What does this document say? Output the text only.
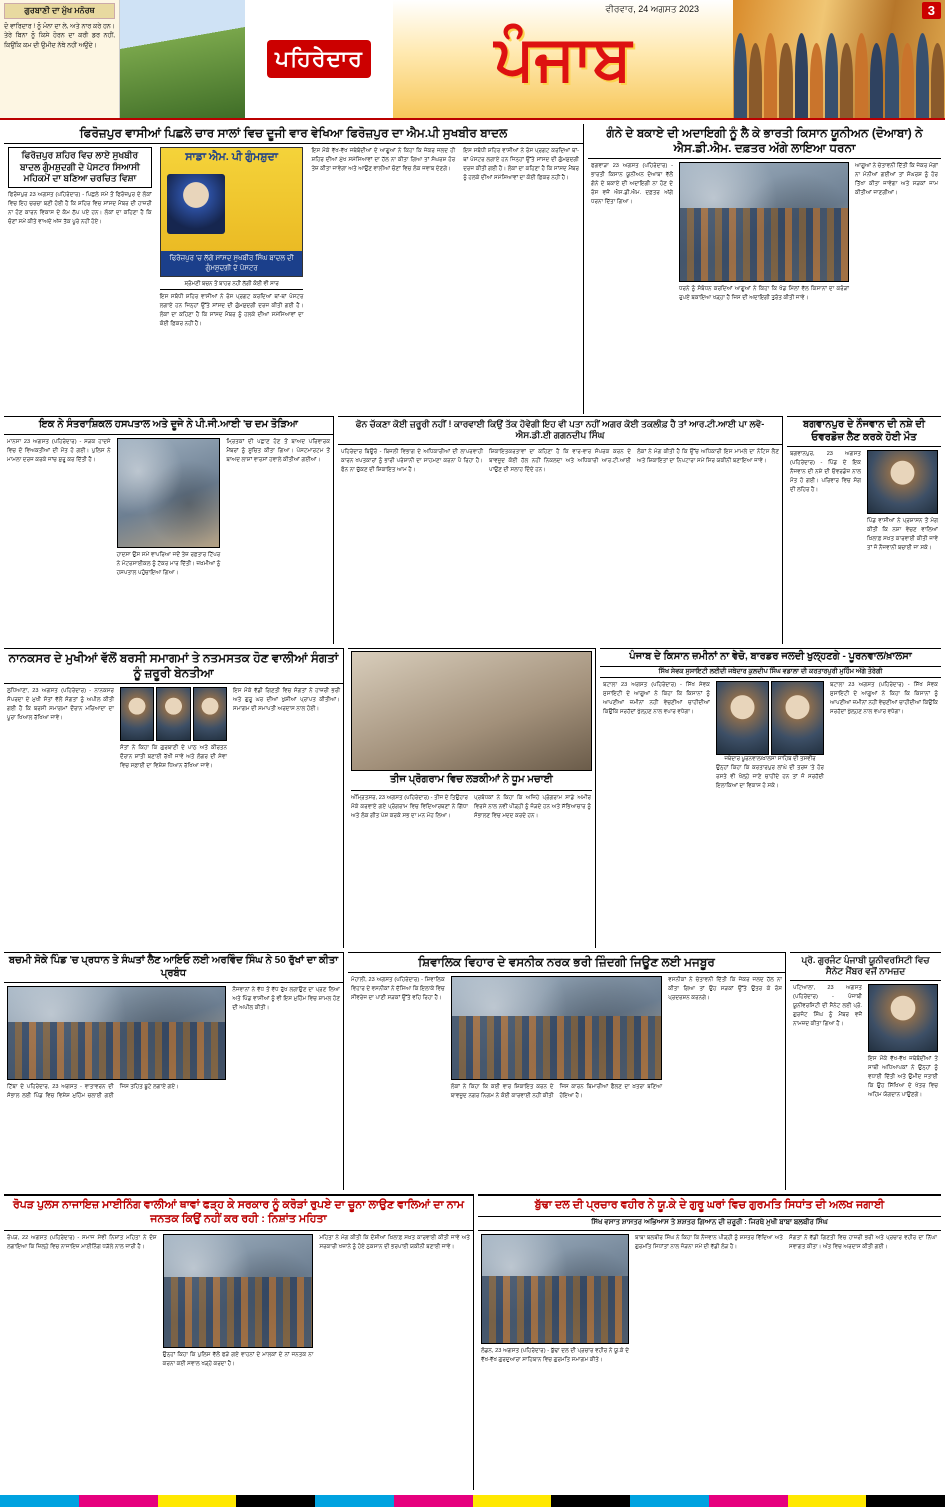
ਗੁਰਬਾਣੀ ਦਾ ਮੁੱਖ ਮਨੋਰਥ

ਦੋ ਵਾਰਿਦਾਰ ! ਨੂੰ ਮੰਨਾ ਦਾ ਲੇ, ਅਤੇ ਨਾਰ ਕਰੇ ਹਨ। ਤੇਰੇ ਬਿਨਾ ਨੂੰ ਕਿਸੇ ਹੋਰਨ ਦਾ ਕਰੀ ਡਰ ਨਹੀਂ, ਕਿਉਂਕਿ ਕਮ ਦੀ ਉਮੀਦ ਨੱਥੇ ਨਹੀਂ ਅਉਂਦੇ।

ਪਹਿਰੇਦਾਰ ਪੰਜਾਬ
ਵੀਰਵਾਰ, 24 ਅਗਸਤ 2023	3
ਫਿਰੋਜ਼ਪੁਰ ਵਾਸੀਆਂ ਪਿਛਲੇ ਚਾਰ ਸਾਲਾਂ ਵਿਚ ਦੂਜੀ ਵਾਰ ਵੇਖਿਆ ਫਿਰੋਜ਼ਪੁਰ ਦਾ ਐਮ.ਪੀ ਸੁਖਬੀਰ ਬਾਦਲ
ਫਿਰੋਜ਼ਪੁਰ ਸ਼ਹਿਰ ਵਿਚ ਲਾਏ ਸੁਖਬੀਰ ਬਾਦਲ ਗੁੰਮਸ਼ੁਦਗੀ ਦੇ ਪੋਸਟਰ ਸਿਆਸੀ ਮਹਿਕਮੇਂ ਦਾ ਬਣਿਆ ਚਰਚਿਤ ਵਿਸ਼ਾ
ਫਿਰੋਜ਼ਪੁਰ 23 ਅਗਸਤ (ਪਹਿਰੇਦਾਰ) - ਪਿਛਲੇ ਸਮੇਂ ਤੋਂ ਫਿਰੋਜ਼ਪੁਰ ਦੇ ਲੋਕਾਂ ਵਿਚ ਇਹ ਚਰਚਾ ਬਣੀ ਹੋਈ ਹੈ ਕਿ ਸ਼ਹਿਰ ਵਿਚ ਸਾਂਸਦ ਮੈਂਬਰ ਦੀ ਹਾਜ਼ਰੀ ਨਾ ਹੋਣ ਕਾਰਨ ਵਿਕਾਸ ਦੇ ਕੰਮ ਠੱਪ ਪਏ ਹਨ। ਲੋਕਾਂ ਦਾ ਕਹਿਣਾ ਹੈ ਕਿ ਚੋਣਾਂ ਸਮੇਂ ਕੀਤੇ ਵਾਅਦੇ ਅੱਜ ਤੱਕ ਪੂਰੇ ਨਹੀਂ ਹੋਏ।
ਸਾਡਾ ਐਮ. ਪੀ ਗੁੰਮਸ਼ੁਦਾ
ਫਿਰੋਜ਼ਪੁਰ 'ਚ ਲੱਗੇ ਸਾਂਸਦ ਸੁਖਬੀਰ ਸਿੰਘ ਬਾਦਲ ਦੀ ਗੁੰਮਸ਼ੁਦਗੀ ਦੇ ਪੋਸਟਰ
ਸ਼੍ਰੋਮਣੀ ਬਚਨ ਤੋਂ ਬਾਹਰ ਨਹੀਂ ਲੱਗੀ ਕੋਈ ਵੀ ਸਾਰ
ਇਸ ਸਬੰਧੀ ਸ਼ਹਿਰ ਵਾਸੀਆਂ ਨੇ ਰੋਸ ਪ੍ਰਗਟ ਕਰਦਿਆਂ ਥਾਂ-ਥਾਂ ਪੋਸਟਰ ਲਗਾਏ ਹਨ ਜਿਨ੍ਹਾਂ ਉੱਤੇ ਸਾਂਸਦ ਦੀ ਗੁੰਮਸ਼ੁਦਗੀ ਦਰਜ ਕੀਤੀ ਗਈ ਹੈ। ਲੋਕਾਂ ਦਾ ਕਹਿਣਾ ਹੈ ਕਿ ਸਾਂਸਦ ਮੈਂਬਰ ਨੂੰ ਹਲਕੇ ਦੀਆਂ ਸਮੱਸਿਆਵਾਂ ਦਾ ਕੋਈ ਫ਼ਿਕਰ ਨਹੀਂ ਹੈ।
ਇਸ ਮੌਕੇ ਵੱਖ-ਵੱਖ ਜਥੇਬੰਦੀਆਂ ਦੇ ਆਗੂਆਂ ਨੇ ਕਿਹਾ ਕਿ ਜੇਕਰ ਜਲਦ ਹੀ ਸ਼ਹਿਰ ਦੀਆਂ ਮੁੱਖ ਸਮੱਸਿਆਵਾਂ ਦਾ ਹੱਲ ਨਾ ਕੀਤਾ ਗਿਆ ਤਾਂ ਸੰਘਰਸ਼ ਹੋਰ ਤੇਜ਼ ਕੀਤਾ ਜਾਵੇਗਾ ਅਤੇ ਆਉਣ ਵਾਲੀਆਂ ਚੋਣਾਂ ਵਿਚ ਲੋਕ ਜਵਾਬ ਦੇਣਗੇ।
ਇਸ ਸਬੰਧੀ ਸ਼ਹਿਰ ਵਾਸੀਆਂ ਨੇ ਰੋਸ ਪ੍ਰਗਟ ਕਰਦਿਆਂ ਥਾਂ-ਥਾਂ ਪੋਸਟਰ ਲਗਾਏ ਹਨ ਜਿਨ੍ਹਾਂ ਉੱਤੇ ਸਾਂਸਦ ਦੀ ਗੁੰਮਸ਼ੁਦਗੀ ਦਰਜ ਕੀਤੀ ਗਈ ਹੈ। ਲੋਕਾਂ ਦਾ ਕਹਿਣਾ ਹੈ ਕਿ ਸਾਂਸਦ ਮੈਂਬਰ ਨੂੰ ਹਲਕੇ ਦੀਆਂ ਸਮੱਸਿਆਵਾਂ ਦਾ ਕੋਈ ਫ਼ਿਕਰ ਨਹੀਂ ਹੈ।
ਗੰਨੇ ਦੇ ਬਕਾਏ ਦੀ ਅਦਾਇਗੀ ਨੂੰ ਲੈ ਕੇ ਭਾਰਤੀ ਕਿਸਾਨ ਯੂਨੀਅਨ (ਦੋਆਬਾ) ਨੇ ਐਸ.ਡੀ.ਐਮ. ਦਫ਼ਤਰ ਅੱਗੇ ਲਾਇਆ ਧਰਨਾ
ਫਗਵਾੜਾ 23 ਅਗਸਤ (ਪਹਿਰੇਦਾਰ) - ਭਾਰਤੀ ਕਿਸਾਨ ਯੂਨੀਅਨ ਦੋਆਬਾ ਵੱਲੋਂ ਗੰਨੇ ਦੇ ਬਕਾਏ ਦੀ ਅਦਾਇਗੀ ਨਾ ਹੋਣ ਦੇ ਰੋਸ ਵਜੋਂ ਐਸ.ਡੀ.ਐਮ. ਦਫ਼ਤਰ ਅੱਗੇ ਧਰਨਾ ਦਿੱਤਾ ਗਿਆ।
ਧਰਨੇ ਨੂੰ ਸੰਬੋਧਨ ਕਰਦਿਆਂ ਆਗੂਆਂ ਨੇ ਕਿਹਾ ਕਿ ਖੰਡ ਮਿੱਲਾਂ ਵੱਲ ਕਿਸਾਨਾਂ ਦਾ ਕਰੋੜਾਂ ਰੁਪਏ ਬਕਾਇਆ ਖੜ੍ਹਾ ਹੈ ਜਿਸ ਦੀ ਅਦਾਇਗੀ ਤੁਰੰਤ ਕੀਤੀ ਜਾਵੇ।
ਆਗੂਆਂ ਨੇ ਚੇਤਾਵਨੀ ਦਿੱਤੀ ਕਿ ਜੇਕਰ ਮੰਗਾਂ ਨਾ ਮੰਨੀਆਂ ਗਈਆਂ ਤਾਂ ਸੰਘਰਸ਼ ਨੂੰ ਹੋਰ ਤਿੱਖਾ ਕੀਤਾ ਜਾਵੇਗਾ ਅਤੇ ਸੜਕਾਂ ਜਾਮ ਕੀਤੀਆਂ ਜਾਣਗੀਆਂ।
ਇਕ ਨੇ ਸੰਤਰਾਸ਼ਿਕਲ ਹਸਪਤਾਲ ਅਤੇ ਦੂਜੇ ਨੇ ਪੀ.ਜੀ.ਆਈ 'ਚ ਦਮ ਤੋੜਿਆ
ਮਾਨਸਾ 23 ਅਗਸਤ (ਪਹਿਰੇਦਾਰ) - ਸੜਕ ਹਾਦਸੇ ਵਿਚ ਦੋ ਵਿਅਕਤੀਆਂ ਦੀ ਮੌਤ ਹੋ ਗਈ। ਪੁਲਿਸ ਨੇ ਮਾਮਲਾ ਦਰਜ ਕਰਕੇ ਜਾਂਚ ਸ਼ੁਰੂ ਕਰ ਦਿੱਤੀ ਹੈ।
ਹਾਦਸਾ ਉਸ ਸਮੇਂ ਵਾਪਰਿਆ ਜਦੋਂ ਤੇਜ਼ ਰਫ਼ਤਾਰ ਟਿੱਪਰ ਨੇ ਮੋਟਰਸਾਈਕਲ ਨੂੰ ਟੱਕਰ ਮਾਰ ਦਿੱਤੀ। ਜ਼ਖ਼ਮੀਆਂ ਨੂੰ ਹਸਪਤਾਲ ਪਹੁੰਚਾਇਆ ਗਿਆ।
ਮ੍ਰਿਤਕਾਂ ਦੀ ਪਛਾਣ ਹੋਣ ਤੋਂ ਬਾਅਦ ਪਰਿਵਾਰਕ ਮੈਂਬਰਾਂ ਨੂੰ ਸੂਚਿਤ ਕੀਤਾ ਗਿਆ। ਪੋਸਟਮਾਰਟਮ ਤੋਂ ਬਾਅਦ ਲਾਸ਼ਾਂ ਵਾਰਸਾਂ ਹਵਾਲੇ ਕੀਤੀਆਂ ਗਈਆਂ।
ਫੋਨ ਚੱਕਣਾ ਕੋਈ ਜ਼ਰੂਰੀ ਨਹੀਂ ! ਕਾਰਵਾਈ ਕਿਉਂ ਤੱਕ ਹੋਵੇਗੀ ਇਹ ਵੀ ਪਤਾ ਨਹੀਂ ਅਗਰ ਕੋਈ ਤਕਲੀਫ਼ ਹੈ ਤਾਂ ਆਰ.ਟੀ.ਆਈ ਪਾ ਲਵੋ-ਐਸ.ਡੀ.ਈ ਗਗਨਦੀਪ ਸਿੰਘ
ਪਹਿਰੇਦਾਰ ਬਿਊਰੋ - ਬਿਜਲੀ ਵਿਭਾਗ ਦੇ ਅਧਿਕਾਰੀਆਂ ਦੀ ਲਾਪਰਵਾਹੀ ਕਾਰਨ ਖਪਤਕਾਰਾਂ ਨੂੰ ਭਾਰੀ ਪਰੇਸ਼ਾਨੀ ਦਾ ਸਾਹਮਣਾ ਕਰਨਾ ਪੈ ਰਿਹਾ ਹੈ। ਫੋਨ ਨਾ ਚੁੱਕਣ ਦੀ ਸ਼ਿਕਾਇਤ ਆਮ ਹੈ।
ਸ਼ਿਕਾਇਤਕਰਤਾਵਾਂ ਦਾ ਕਹਿਣਾ ਹੈ ਕਿ ਵਾਰ-ਵਾਰ ਸੰਪਰਕ ਕਰਨ ਦੇ ਬਾਵਜੂਦ ਕੋਈ ਹੱਲ ਨਹੀਂ ਨਿਕਲਦਾ ਅਤੇ ਅਧਿਕਾਰੀ ਆਰ.ਟੀ.ਆਈ ਪਾਉਣ ਦੀ ਸਲਾਹ ਦਿੰਦੇ ਹਨ।
ਲੋਕਾਂ ਨੇ ਮੰਗ ਕੀਤੀ ਹੈ ਕਿ ਉੱਚ ਅਧਿਕਾਰੀ ਇਸ ਮਾਮਲੇ ਦਾ ਨੋਟਿਸ ਲੈਣ ਅਤੇ ਸ਼ਿਕਾਇਤਾਂ ਦਾ ਨਿਪਟਾਰਾ ਸਮੇਂ ਸਿਰ ਯਕੀਨੀ ਬਣਾਇਆ ਜਾਵੇ।
ਬਗਵਾਨਪੁਰ ਦੇ ਨੌਜਵਾਨ ਦੀ ਨਸ਼ੇ ਦੀ ਓਵਰਡੋਜ਼ ਲੈਣ ਕਰਕੇ ਹੋਈ ਮੌਤ
ਬਗਵਾਨਪੁਰ, 23 ਅਗਸਤ (ਪਹਿਰੇਦਾਰ) - ਪਿੰਡ ਦੇ ਇਕ ਨੌਜਵਾਨ ਦੀ ਨਸ਼ੇ ਦੀ ਓਵਰਡੋਜ਼ ਨਾਲ ਮੌਤ ਹੋ ਗਈ। ਪਰਿਵਾਰ ਵਿਚ ਸੋਗ ਦੀ ਲਹਿਰ ਹੈ।
ਪਿੰਡ ਵਾਸੀਆਂ ਨੇ ਪ੍ਰਸ਼ਾਸਨ ਤੋਂ ਮੰਗ ਕੀਤੀ ਕਿ ਨਸ਼ਾ ਵੇਚਣ ਵਾਲਿਆਂ ਖ਼ਿਲਾਫ਼ ਸਖ਼ਤ ਕਾਰਵਾਈ ਕੀਤੀ ਜਾਵੇ ਤਾਂ ਜੋ ਨੌਜਵਾਨੀ ਬਚਾਈ ਜਾ ਸਕੇ।
ਨਾਨਕਸਰ ਦੇ ਮੁਖੀਆਂ ਵੱਲੋਂ ਬਰਸੀ ਸਮਾਗਮਾਂ ਤੇ ਨਤਮਸਤਕ ਹੋਣ ਵਾਲੀਆਂ ਸੰਗਤਾਂ ਨੂੰ ਜ਼ਰੂਰੀ ਬੇਨਤੀਆ
ਲੁਧਿਆਣਾ, 23 ਅਗਸਤ (ਪਹਿਰੇਦਾਰ) - ਨਾਨਕਸਰ ਸੰਪਰਦਾ ਦੇ ਮੁਖੀ ਸੰਤਾਂ ਵੱਲੋਂ ਸੰਗਤਾਂ ਨੂੰ ਅਪੀਲ ਕੀਤੀ ਗਈ ਹੈ ਕਿ ਬਰਸੀ ਸਮਾਗਮਾਂ ਦੌਰਾਨ ਮਰਿਆਦਾ ਦਾ ਪੂਰਾ ਖਿਆਲ ਰੱਖਿਆ ਜਾਵੇ।
ਸੰਤਾਂ ਨੇ ਕਿਹਾ ਕਿ ਗੁਰਬਾਣੀ ਦੇ ਪਾਠ ਅਤੇ ਕੀਰਤਨ ਦੌਰਾਨ ਸ਼ਾਂਤੀ ਬਣਾਈ ਰੱਖੀ ਜਾਵੇ ਅਤੇ ਲੰਗਰ ਦੀ ਸੇਵਾ ਵਿਚ ਸਫ਼ਾਈ ਦਾ ਵਿਸ਼ੇਸ਼ ਧਿਆਨ ਰੱਖਿਆ ਜਾਵੇ।
ਇਸ ਮੌਕੇ ਵੱਡੀ ਗਿਣਤੀ ਵਿਚ ਸੰਗਤਾਂ ਨੇ ਹਾਜ਼ਰੀ ਭਰੀ ਅਤੇ ਗੁਰੂ ਘਰ ਦੀਆਂ ਖੁਸ਼ੀਆਂ ਪ੍ਰਾਪਤ ਕੀਤੀਆਂ। ਸਮਾਗਮ ਦੀ ਸਮਾਪਤੀ ਅਰਦਾਸ ਨਾਲ ਹੋਈ।
ਤੀਜ ਪ੍ਰੋਗਰਾਮ ਵਿਚ ਲੜਕੀਆਂ ਨੇ ਧੂਮ ਮਚਾਈ
ਅੰਮ੍ਰਿਤਸਰ, 23 ਅਗਸਤ (ਪਹਿਰੇਦਾਰ) - ਤੀਜ ਦੇ ਤਿਉਹਾਰ ਮੌਕੇ ਕਰਵਾਏ ਗਏ ਪ੍ਰੋਗਰਾਮ ਵਿਚ ਵਿਦਿਆਰਥਣਾਂ ਨੇ ਗਿੱਧਾ ਅਤੇ ਲੋਕ ਗੀਤ ਪੇਸ਼ ਕਰਕੇ ਸਭ ਦਾ ਮਨ ਮੋਹ ਲਿਆ।
ਪ੍ਰਬੰਧਕਾਂ ਨੇ ਕਿਹਾ ਕਿ ਅਜਿਹੇ ਪ੍ਰੋਗਰਾਮ ਸਾਡੇ ਅਮੀਰ ਵਿਰਸੇ ਨਾਲ ਨਵੀਂ ਪੀੜ੍ਹੀ ਨੂੰ ਜੋੜਦੇ ਹਨ ਅਤੇ ਸੱਭਿਆਚਾਰ ਨੂੰ ਸੰਭਾਲਣ ਵਿਚ ਮਦਦ ਕਰਦੇ ਹਨ।
ਪੰਜਾਬ ਦੇ ਕਿਸਾਨ ਜ਼ਮੀਨਾਂ ਨਾ ਵੇਚੋ, ਬਾਰਡਰ ਜਲਦੀ ਖੁਲ੍ਹਣਗੇ - ਪੂਰਨਵਾਲ/ਖ਼ਾਲਸਾ
ਸਿੱਖ ਸੇਵਕ ਸੁਸਾਇਟੀ ਲਈਦੀ ਜਥੇਦਾਰ ਕੁਲਦੀਪ ਸਿੰਘ ਵਡਾਲਾ ਦੀ ਕਰਤਾਰਪੁਰੀ ਮੁਹਿੰਮ ਅੱਗੇ ਤੋਰੇਗੀ
ਬਟਾਲਾ 23 ਅਗਸਤ (ਪਹਿਰੇਦਾਰ) - ਸਿੱਖ ਸੇਵਕ ਸੁਸਾਇਟੀ ਦੇ ਆਗੂਆਂ ਨੇ ਕਿਹਾ ਕਿ ਕਿਸਾਨਾਂ ਨੂੰ ਆਪਣੀਆਂ ਜ਼ਮੀਨਾਂ ਨਹੀਂ ਵੇਚਣੀਆਂ ਚਾਹੀਦੀਆਂ ਕਿਉਂਕਿ ਸਰਹੱਦਾਂ ਖੁੱਲ੍ਹਣ ਨਾਲ ਵਪਾਰ ਵਧੇਗਾ।
ਜਥੇਦਾਰ ਪੂਰਨਵਾਲ/ਖ਼ਾਲਸਾ ਸਾਹਿਬ ਦੀ ਤਸਵੀਰ
ਉਨ੍ਹਾਂ ਕਿਹਾ ਕਿ ਕਰਤਾਰਪੁਰ ਲਾਂਘੇ ਦੀ ਤਰਜ਼ 'ਤੇ ਹੋਰ ਰਸਤੇ ਵੀ ਖੋਲ੍ਹੇ ਜਾਣੇ ਚਾਹੀਦੇ ਹਨ ਤਾਂ ਜੋ ਸਰਹੱਦੀ ਇਲਾਕਿਆਂ ਦਾ ਵਿਕਾਸ ਹੋ ਸਕੇ।
ਬਟਾਲਾ 23 ਅਗਸਤ (ਪਹਿਰੇਦਾਰ) - ਸਿੱਖ ਸੇਵਕ ਸੁਸਾਇਟੀ ਦੇ ਆਗੂਆਂ ਨੇ ਕਿਹਾ ਕਿ ਕਿਸਾਨਾਂ ਨੂੰ ਆਪਣੀਆਂ ਜ਼ਮੀਨਾਂ ਨਹੀਂ ਵੇਚਣੀਆਂ ਚਾਹੀਦੀਆਂ ਕਿਉਂਕਿ ਸਰਹੱਦਾਂ ਖੁੱਲ੍ਹਣ ਨਾਲ ਵਪਾਰ ਵਧੇਗਾ।
ਬਚਮੀ ਸੋਕੇ ਪਿੰਡ 'ਚ ਪ੍ਰਧਾਨ ਤੇ ਸੰਘਤਾਂ ਲੈਣ ਆਇਓ ਲਈ ਅਰਵਿੰਦ ਸਿੰਘ ਨੇ 50 ਰੁੱਖਾਂ ਦਾ ਕੀਤਾ ਪ੍ਰਬੰਧ
ਟਿੱਬਾ ਦੇ ਪਹਿਰੇਦਾਰ, 23 ਅਗਸਤ - ਵਾਤਾਵਰਨ ਦੀ ਸੰਭਾਲ ਲਈ ਪਿੰਡ ਵਿਚ ਵਿਸ਼ੇਸ਼ ਮੁਹਿੰਮ ਚਲਾਈ ਗਈ ਜਿਸ ਤਹਿਤ ਬੂਟੇ ਲਗਾਏ ਗਏ।
ਨੌਜਵਾਨਾਂ ਨੇ ਵੱਧ ਤੋਂ ਵੱਧ ਰੁੱਖ ਲਗਾਉਣ ਦਾ ਪ੍ਰਣ ਲਿਆ ਅਤੇ ਪਿੰਡ ਵਾਸੀਆਂ ਨੂੰ ਵੀ ਇਸ ਮੁਹਿੰਮ ਵਿਚ ਸ਼ਾਮਲ ਹੋਣ ਦੀ ਅਪੀਲ ਕੀਤੀ।
ਸ਼ਿਵਾਲਿਕ ਵਿਹਾਰ ਦੇ ਵਸਨੀਕ ਨਰਕ ਭਰੀ ਜ਼ਿੰਦਗੀ ਜਿਊਣ ਲਈ ਮਜਬੂਰ
ਮੋਹਾਲੀ, 23 ਅਗਸਤ (ਪਹਿਰੇਦਾਰ) - ਸ਼ਿਵਾਲਿਕ ਵਿਹਾਰ ਦੇ ਵਸਨੀਕਾਂ ਨੇ ਦੱਸਿਆ ਕਿ ਇਲਾਕੇ ਵਿਚ ਸੀਵਰੇਜ ਦਾ ਪਾਣੀ ਸੜਕਾਂ ਉੱਤੇ ਵਹਿ ਰਿਹਾ ਹੈ।
ਲੋਕਾਂ ਨੇ ਕਿਹਾ ਕਿ ਕਈ ਵਾਰ ਸ਼ਿਕਾਇਤ ਕਰਨ ਦੇ ਬਾਵਜੂਦ ਨਗਰ ਨਿਗਮ ਨੇ ਕੋਈ ਕਾਰਵਾਈ ਨਹੀਂ ਕੀਤੀ ਜਿਸ ਕਾਰਨ ਬਿਮਾਰੀਆਂ ਫੈਲਣ ਦਾ ਖ਼ਤਰਾ ਬਣਿਆ ਹੋਇਆ ਹੈ।
ਵਸਨੀਕਾਂ ਨੇ ਚੇਤਾਵਨੀ ਦਿੱਤੀ ਕਿ ਜੇਕਰ ਜਲਦ ਹੱਲ ਨਾ ਕੀਤਾ ਗਿਆ ਤਾਂ ਉਹ ਸੜਕਾਂ ਉੱਤੇ ਉਤਰ ਕੇ ਰੋਸ ਪ੍ਰਦਰਸ਼ਨ ਕਰਨਗੇ।
ਪ੍ਰੋ. ਗੁਰਜੰਟ ਪੰਜਾਬੀ ਯੂਨੀਵਰਸਿਟੀ ਵਿਚ ਸੈਨੇਟ ਮੈਂਬਰ ਵਜੋਂ ਨਾਮਜ਼ਦ
ਪਟਿਆਲਾ, 23 ਅਗਸਤ (ਪਹਿਰੇਦਾਰ) - ਪੰਜਾਬੀ ਯੂਨੀਵਰਸਿਟੀ ਦੀ ਸੈਨੇਟ ਲਈ ਪ੍ਰੋ. ਗੁਰਜੰਟ ਸਿੰਘ ਨੂੰ ਮੈਂਬਰ ਵਜੋਂ ਨਾਮਜ਼ਦ ਕੀਤਾ ਗਿਆ ਹੈ।
ਇਸ ਮੌਕੇ ਵੱਖ-ਵੱਖ ਜਥੇਬੰਦੀਆਂ ਤੇ ਸਾਥੀ ਅਧਿਆਪਕਾਂ ਨੇ ਉਨ੍ਹਾਂ ਨੂੰ ਵਧਾਈ ਦਿੱਤੀ ਅਤੇ ਉਮੀਦ ਜਤਾਈ ਕਿ ਉਹ ਸਿੱਖਿਆ ਦੇ ਖੇਤਰ ਵਿਚ ਅਹਿਮ ਯੋਗਦਾਨ ਪਾਉਣਗੇ।
ਰੋਪੜ ਪੁਲਸ ਨਾਜਾਇਜ਼ ਮਾਈਨਿੰਗ ਵਾਲੀਆਂ ਥਾਵਾਂ ਫੜ੍ਹ ਕੇ ਸਰਕਾਰ ਨੂੰ ਕਰੋੜਾਂ ਰੁਪਏ ਦਾ ਚੂਨਾ ਲਾਉਣ ਵਾਲਿਆਂ ਦਾ ਨਾਮ ਜਨਤਕ ਕਿਉਂ ਨਹੀਂ ਕਰ ਰਹੀ : ਨਿਸ਼ਾਂਤ ਮਹਿਤਾ
ਰੋਪੜ, 22 ਅਗਸਤ (ਪਹਿਰੇਦਾਰ) - ਸਮਾਜ ਸੇਵੀ ਨਿਸ਼ਾਂਤ ਮਹਿਤਾ ਨੇ ਦੋਸ਼ ਲਗਾਇਆ ਕਿ ਜ਼ਿਲ੍ਹੇ ਵਿਚ ਨਾਜਾਇਜ਼ ਮਾਈਨਿੰਗ ਧੜੱਲੇ ਨਾਲ ਜਾਰੀ ਹੈ।
ਉਨ੍ਹਾਂ ਕਿਹਾ ਕਿ ਪੁਲਿਸ ਵੱਲੋਂ ਫੜੇ ਗਏ ਵਾਹਨਾਂ ਦੇ ਮਾਲਕਾਂ ਦੇ ਨਾਂ ਜਨਤਕ ਨਾ ਕਰਨਾ ਕਈ ਸਵਾਲ ਖੜ੍ਹੇ ਕਰਦਾ ਹੈ।
ਮਹਿਤਾ ਨੇ ਮੰਗ ਕੀਤੀ ਕਿ ਦੋਸ਼ੀਆਂ ਖ਼ਿਲਾਫ਼ ਸਖ਼ਤ ਕਾਰਵਾਈ ਕੀਤੀ ਜਾਵੇ ਅਤੇ ਸਰਕਾਰੀ ਖਜ਼ਾਨੇ ਨੂੰ ਹੋਏ ਨੁਕਸਾਨ ਦੀ ਭਰਪਾਈ ਯਕੀਨੀ ਬਣਾਈ ਜਾਵੇ।
ਬੁੱਢਾ ਦਲ ਦੀ ਪ੍ਰਚਾਰ ਵਹੀਰ ਨੇ ਯੂ.ਕੇ ਦੇ ਗੁਰੂ ਘਰਾਂ ਵਿਚ ਗੁਰਮਤਿ ਸਿਧਾਂਤ ਦੀ ਅਲਖ ਜਗਾਈ
ਸਿੱਖ ਵਸਾਤ ਸ਼ਾਸਤਰ ਅਭਿਆਸ ਤੇ ਸ਼ਸ਼ਤਰ ਗਿਆਨ ਦੀ ਜ਼ਰੂਰੀ : ਜਿਰਥੇ ਮੁਖੀ ਬਾਬਾ ਬਲਬੀਰ ਸਿੰਘ
ਲੰਡਨ, 23 ਅਗਸਤ (ਪਹਿਰੇਦਾਰ) - ਬੁੱਢਾ ਦਲ ਦੀ ਪ੍ਰਚਾਰ ਵਹੀਰ ਨੇ ਯੂ.ਕੇ ਦੇ ਵੱਖ-ਵੱਖ ਗੁਰਦੁਆਰਾ ਸਾਹਿਬਾਨ ਵਿਚ ਗੁਰਮਤਿ ਸਮਾਗਮ ਕੀਤੇ।
ਬਾਬਾ ਬਲਬੀਰ ਸਿੰਘ ਨੇ ਕਿਹਾ ਕਿ ਨੌਜਵਾਨ ਪੀੜ੍ਹੀ ਨੂੰ ਸ਼ਸਤਰ ਵਿੱਦਿਆ ਅਤੇ ਗੁਰਮਤਿ ਸਿਧਾਂਤਾਂ ਨਾਲ ਜੋੜਨਾ ਸਮੇਂ ਦੀ ਵੱਡੀ ਲੋੜ ਹੈ।
ਸੰਗਤਾਂ ਨੇ ਵੱਡੀ ਗਿਣਤੀ ਵਿਚ ਹਾਜ਼ਰੀ ਭਰੀ ਅਤੇ ਪ੍ਰਚਾਰ ਵਹੀਰ ਦਾ ਨਿੱਘਾ ਸਵਾਗਤ ਕੀਤਾ। ਅੰਤ ਵਿਚ ਅਰਦਾਸ ਕੀਤੀ ਗਈ।
